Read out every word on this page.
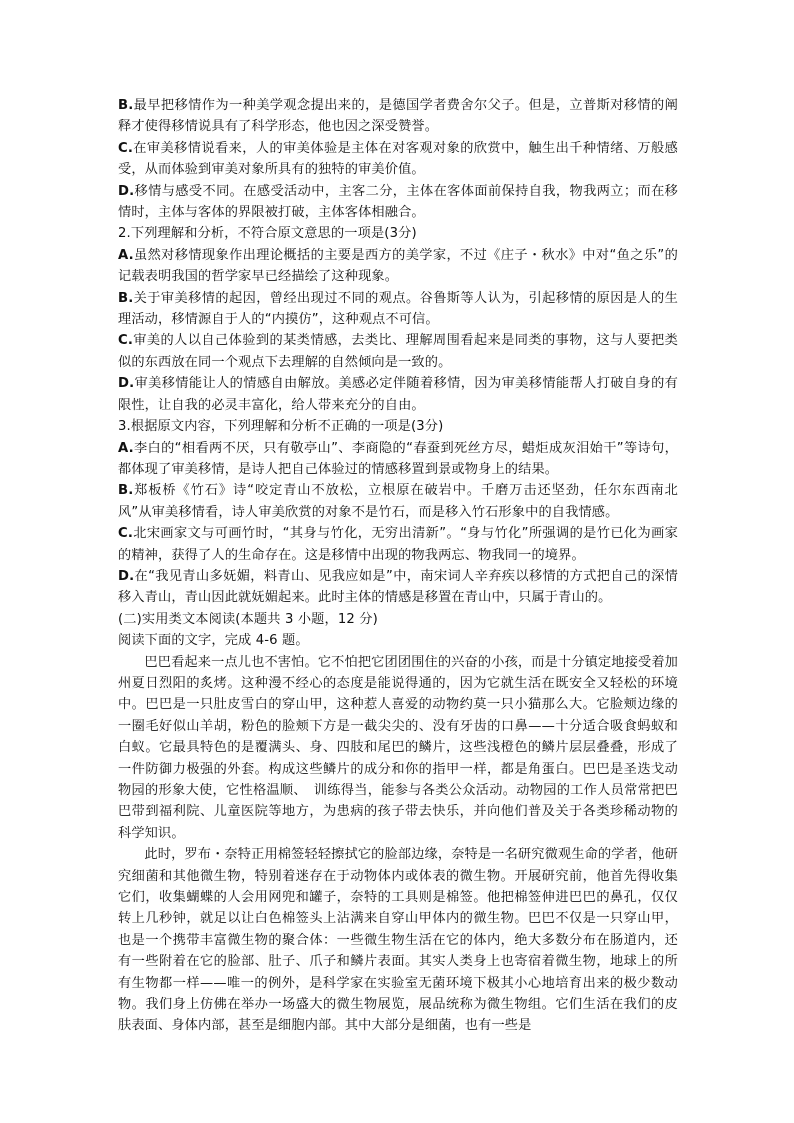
B.最早把移情作为一种美学观念提出来的，是德国学者费舍尔父子。但是，立普斯对移情的阐释才使得移情说具有了科学形态，他也因之深受赞誉。

C.在审美移情说看来，人的审美体验是主体在对客观对象的欣赏中，触生出千种情绪、万般感受，从而体验到审美对象所具有的独特的审美价值。

D.移情与感受不同。在感受活动中，主客二分，主体在客体面前保持自我，物我两立；而在移情时，主体与客体的界限被打破，主体客体相融合。

2.下列理解和分析，不符合原文意思的一项是(3分)

A.虽然对移情现象作出理论概括的主要是西方的美学家，不过《庄子・秋水》中对“鱼之乐”的记载表明我国的哲学家早已经描绘了这种现象。

B.关于审美移情的起因，曾经出现过不同的观点。谷鲁斯等人认为，引起移情的原因是人的生理活动，移情源自于人的“内摸仿”，这种观点不可信。

C.审美的人以自己体验到的某类情感，去类比、理解周围看起来是同类的事物，这与人要把类似的东西放在同一个观点下去理解的自然倾向是一致的。

D.审美移情能让人的情感自由解放。美感必定伴随着移情，因为审美移情能帮人打破自身的有限性，让自我的必灵丰富化，给人带来充分的自由。

3.根据原文内容，下列理解和分析不正确的一项是(3分)

A.李白的“相看两不厌，只有敬亭山”、李商隐的“春蚕到死丝方尽，蜡炬成灰泪始干”等诗句，都体现了审美移情，是诗人把自己体验过的情感移置到景或物身上的结果。

B.郑板桥《竹石》诗“咬定青山不放松，立根原在破岩中。千磨万击还坚劲，任尔东西南北风”从审美移情看，诗人审美欣赏的对象不是竹石，而是移入竹石形象中的自我情感。

C.北宋画家文与可画竹时，“其身与竹化，无穷出清新”。“身与竹化”所强调的是竹已化为画家的精神，获得了人的生命存在。这是移情中出现的物我两忘、物我同一的境界。

D.在“我见青山多妩媚，料青山、见我应如是”中，南宋词人辛弃疾以移情的方式把自己的深情移入青山，青山因此就妩媚起来。此时主体的情感是移置在青山中，只属于青山的。

(二)实用类文本阅读(本题共 3 小题，12 分)

阅读下面的文字，完成 4-6 题。

巴巴看起来一点儿也不害怕。它不怕把它团团围住的兴奋的小孩，而是十分镇定地接受着加州夏日烈阳的炙烤。这种漫不经心的态度是能说得通的，因为它就生活在既安全又轻松的环境中。巴巴是一只肚皮雪白的穿山甲，这种惹人喜爱的动物约莫一只小猫那么大。它脸颊边缘的一圈毛好似山羊胡，粉色的脸颊下方是一截尖尖的、没有牙齿的口鼻——十分适合吸食蚂蚁和白蚁。它最具特色的是覆满头、身、四肢和尾巴的鳞片，这些浅橙色的鳞片层层叠叠，形成了一件防御力极强的外套。构成这些鳞片的成分和你的指甲一样，都是角蛋白。巴巴是圣迭戈动物园的形象大使，它性格温顺、　训练得当，能参与各类公众活动。动物园的工作人员常常把巴巴带到福利院、儿童医院等地方，为患病的孩子带去快乐，并向他们普及关于各类珍稀动物的科学知识。

此时，罗布・奈特正用棉签轻轻擦拭它的脸部边缘，奈特是一名研究微观生命的学者，他研究细菌和其他微生物，特别着迷存在于动物体内或体表的微生物。开展研究前，他首先得收集它们，收集蝴蝶的人会用网兜和罐子，奈特的工具则是棉签。他把棉签伸进巴巴的鼻孔，仅仅转上几秒钟，就足以让白色棉签头上沾满来自穿山甲体内的微生物。巴巴不仅是一只穿山甲，也是一个携带丰富微生物的聚合体：一些微生物生活在它的体内，绝大多数分布在肠道内，还有一些附着在它的脸部、肚子、爪子和鳞片表面。其实人类身上也寄宿着微生物，地球上的所有生物都一样——唯一的例外，是科学家在实验室无菌环境下极其小心地培育出来的极少数动物。我们身上仿佛在举办一场盛大的微生物展览，展品统称为微生物组。它们生活在我们的皮肤表面、身体内部，甚至是细胞内部。其中大部分是细菌，也有一些是
